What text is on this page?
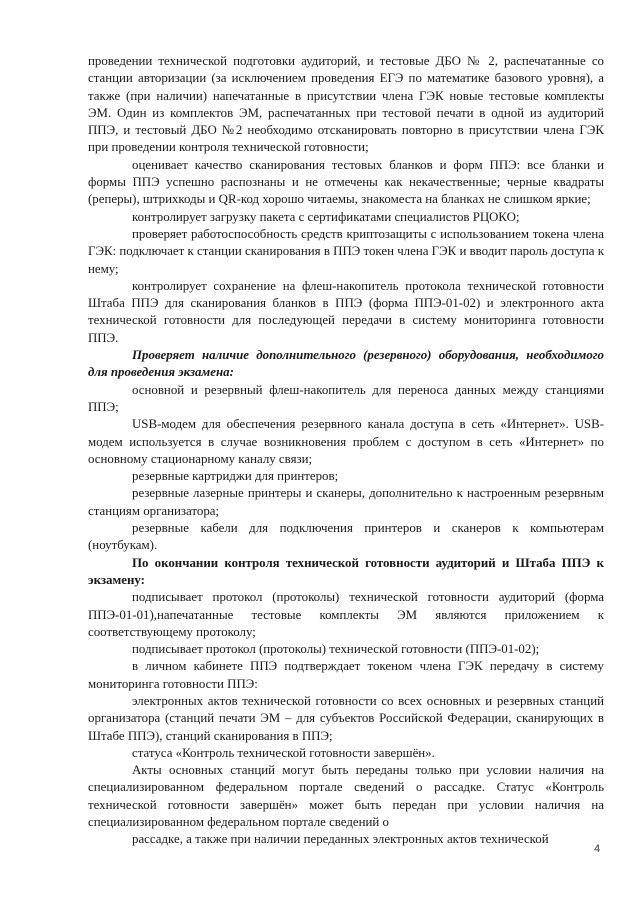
проведении технической подготовки аудиторий, и тестовые ДБО № 2, распечатанные со станции авторизации (за исключением проведения ЕГЭ по математике базового уровня), а также (при наличии) напечатанные в присутствии члена ГЭК новые тестовые комплекты ЭМ. Один из комплектов ЭМ, распечатанных при тестовой печати в одной из аудиторий ППЭ, и тестовый ДБО №2 необходимо отсканировать повторно в присутствии члена ГЭК при проведении контроля технической готовности;

оценивает качество сканирования тестовых бланков и форм ППЭ: все бланки и формы ППЭ успешно распознаны и не отмечены как некачественные; черные квадраты (реперы), штрихкоды и QR-код хорошо читаемы, знакоместа на бланках не слишком яркие;

контролирует загрузку пакета с сертификатами специалистов РЦОКО;

проверяет работоспособность средств криптозащиты с использованием токена члена ГЭК: подключает к станции сканирования в ППЭ токен члена ГЭК и вводит пароль доступа к нему;

контролирует сохранение на флеш-накопитель протокола технической готовности Штаба ППЭ для сканирования бланков в ППЭ (форма ППЭ-01-02) и электронного акта технической готовности для последующей передачи в систему мониторинга готовности ППЭ.

Проверяет наличие дополнительного (резервного) оборудования, необходимого для проведения экзамена:

основной и резервный флеш-накопитель для переноса данных между станциями ППЭ;

USB-модем для обеспечения резервного канала доступа в сеть «Интернет». USB-модем используется в случае возникновения проблем с доступом в сеть «Интернет» по основному стационарному каналу связи;

резервные картриджи для принтеров;

резервные лазерные принтеры и сканеры, дополнительно к настроенным резервным станциям организатора;

резервные кабели для подключения принтеров и сканеров к компьютерам (ноутбукам).

По окончании контроля технической готовности аудиторий и Штаба ППЭ к экзамену:

подписывает протокол (протоколы) технической готовности аудиторий (форма ППЭ-01-01),напечатанные тестовые комплекты ЭМ являются приложением к соответствующему протоколу;

подписывает протокол (протоколы) технической готовности (ППЭ-01-02);

в личном кабинете ППЭ подтверждает токеном члена ГЭК передачу в систему мониторинга готовности ППЭ:

электронных актов технической готовности со всех основных и резервных станций организатора (станций печати ЭМ – для субъектов Российской Федерации, сканирующих в Штабе ППЭ), станций сканирования в ППЭ;

статуса «Контроль технической готовности завершён».

Акты основных станций могут быть переданы только при условии наличия на специализированном федеральном портале сведений о рассадке. Статус «Контроль технической готовности завершён» может быть передан при условии наличия на специализированном федеральном портале сведений о

рассадке, а также при наличии переданных электронных актов технической

4
